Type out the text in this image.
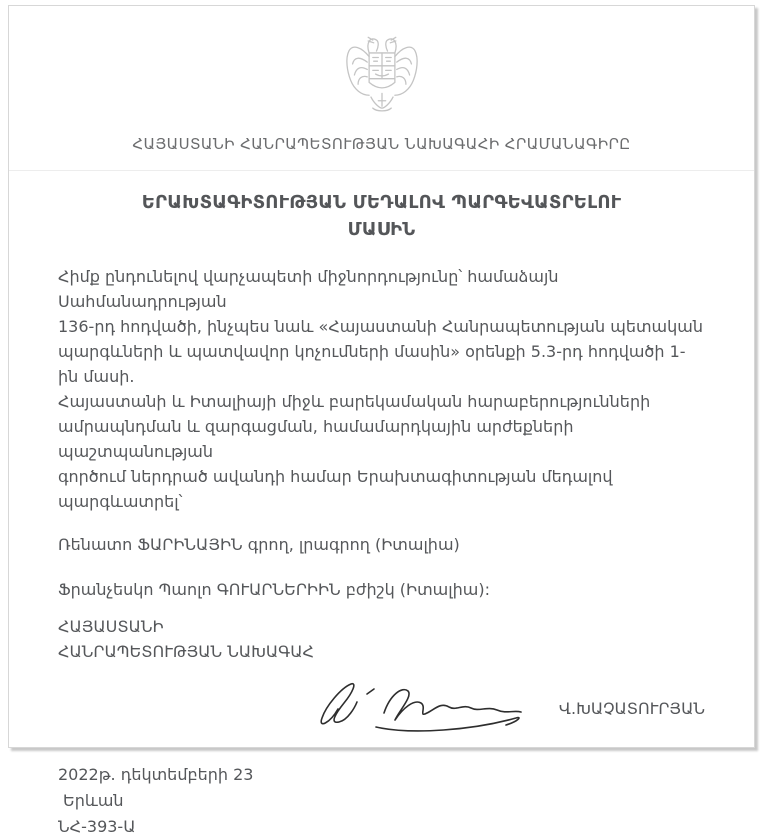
ՀԱՅԱՍՏԱՆԻ ՀԱՆՐԱՊԵՏՈՒԹՅԱՆ ՆԱԽԱԳԱՀԻ ՀՐԱՄԱՆԱԳԻՐԸ
ԵՐԱԽՏԱԳԻՏՈՒԹՅԱՆ ՄԵԴԱԼՈՎ ՊԱՐԳԵՎԱՏՐԵԼՈՒ
ՄԱՍԻՆ
Հիմք ընդունելով վարչապետի միջնորդությունը՝ համաձայն Սահմանադրության
136-րդ հոդվածի, ինչպես նաև «Հայաստանի Հանրապետության պետական
պարգևների և պատվավոր կոչումների մասին» օրենքի 5.3-րդ հոդվածի 1-ին մասի.
Հայաստանի և Իտալիայի միջև բարեկամական հարաբերությունների
ամրապնդման և զարգացման, համամարդկային արժեքների պաշտպանության
գործում ներդրած ավանդի համար Երախտագիտության մեդալով պարգևատրել՝
Ռենատո ՖԱՐԻՆԱՅԻՆ գրող, լրագրող (Իտալիա)
Ֆրանչեսկո Պաոլո ԳՈՒԱՐՆԵՐԻԻՆ բժիշկ (Իտալիա):
ՀԱՅԱՍՏԱՆԻ
ՀԱՆՐԱՊԵՏՈՒԹՅԱՆ ՆԱԽԱԳԱՀ
Վ.ԽԱՉԱՏՈՒՐՅԱՆ
2022թ. դեկտեմբերի 23
Երևան
ՆՀ-393-Ա
